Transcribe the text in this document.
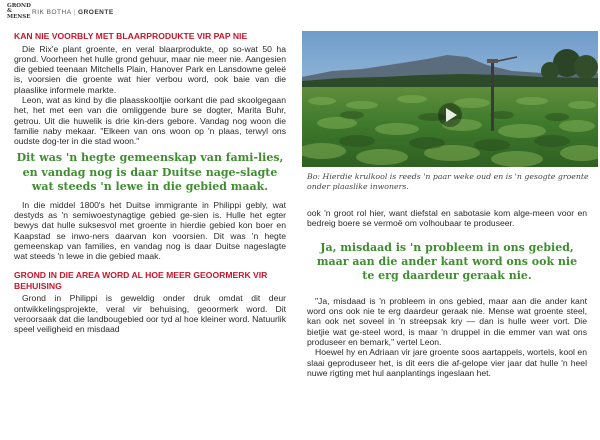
GROND & MENSE
RIK BOTHA | GROENTE
KAN NIE VOORBLY MET BLAARPRODUKTE VIR PAP NIE

Die Rix'e plant groente, en veral blaarprodukte, op so-wat 50 ha grond. Voorheen het hulle grond gehuur, maar nie meer nie. Aangesien die gebied teenaan Mitchells Plain, Hanover Park en Lansdowne geleë is, voorsien die groente wat hier verbou word, ook baie van die plaaslike informele markte.

Leon, wat as kind by die plaasskooltjie oorkant die pad skoolgegaan het, het met een van die omliggende bure se dogter, Marita Buhr, getrou. Uit die huwelik is drie kin-ders gebore. Vandag nog woon die familie naby mekaar. "Elkeen van ons woon op 'n plaas, terwyl ons oudste dog-ter in die stad woon."

Dit was 'n hegte gemeenskap van fami-lies, en vandag nog is daar Duitse nage-slagte wat steeds 'n lewe in die gebied maak.

In die middel 1800's het Duitse immigrante in Philippi gebly, wat destyds as 'n semiwoestynagtige gebied ge-sien is. Hulle het egter bewys dat hulle suksesvol met groente in hierdie gebied kon boer en Kaapstad se inwo-ners daarvan kon voorsien. Dit was 'n hegte gemeenskap van families, en vandag nog is daar Duitse nageslagte wat steeds 'n lewe in die gebied maak.

GROND IN DIE AREA WORD AL HOE MEER GEOORMERK VIR BEHUISING

Grond in Philippi is geweldig onder druk omdat dit deur ontwikkelingsprojekte, veral vir behuising, geoormerk word. Dit veroorsaak dat die landbougebied oor tyd al hoe kleiner word. Natuurlik speel veiligheid en misdaad

Bo: Hierdie krulkool is reeds 'n paar weke oud en is 'n gesogte groente onder plaaslike inwoners.

ook 'n groot rol hier, want diefstal en sabotasie kom alge-meen voor en bedreig boere se vermoë om volhoubaar te produseer.

Ja, misdaad is 'n probleem in ons gebied, maar aan die ander kant word ons ook nie te erg daardeur geraak nie.

"Ja, misdaad is 'n probleem in ons gebied, maar aan die ander kant word ons ook nie te erg daardeur geraak nie. Mense wat groente steel, kan ook net soveel in 'n streepsak kry — dan is hulle weer vort. Die bietjie wat ge-steel word, is maar 'n druppel in die emmer van wat ons produseer en bemark," vertel Leon.

Hoewel hy en Adriaan vir jare groente soos aartappels, wortels, kool en slaai geproduseer het, is dit eers die af-gelope vier jaar dat hulle 'n heel nuwe rigting met hul aanplantings ingeslaan het.
